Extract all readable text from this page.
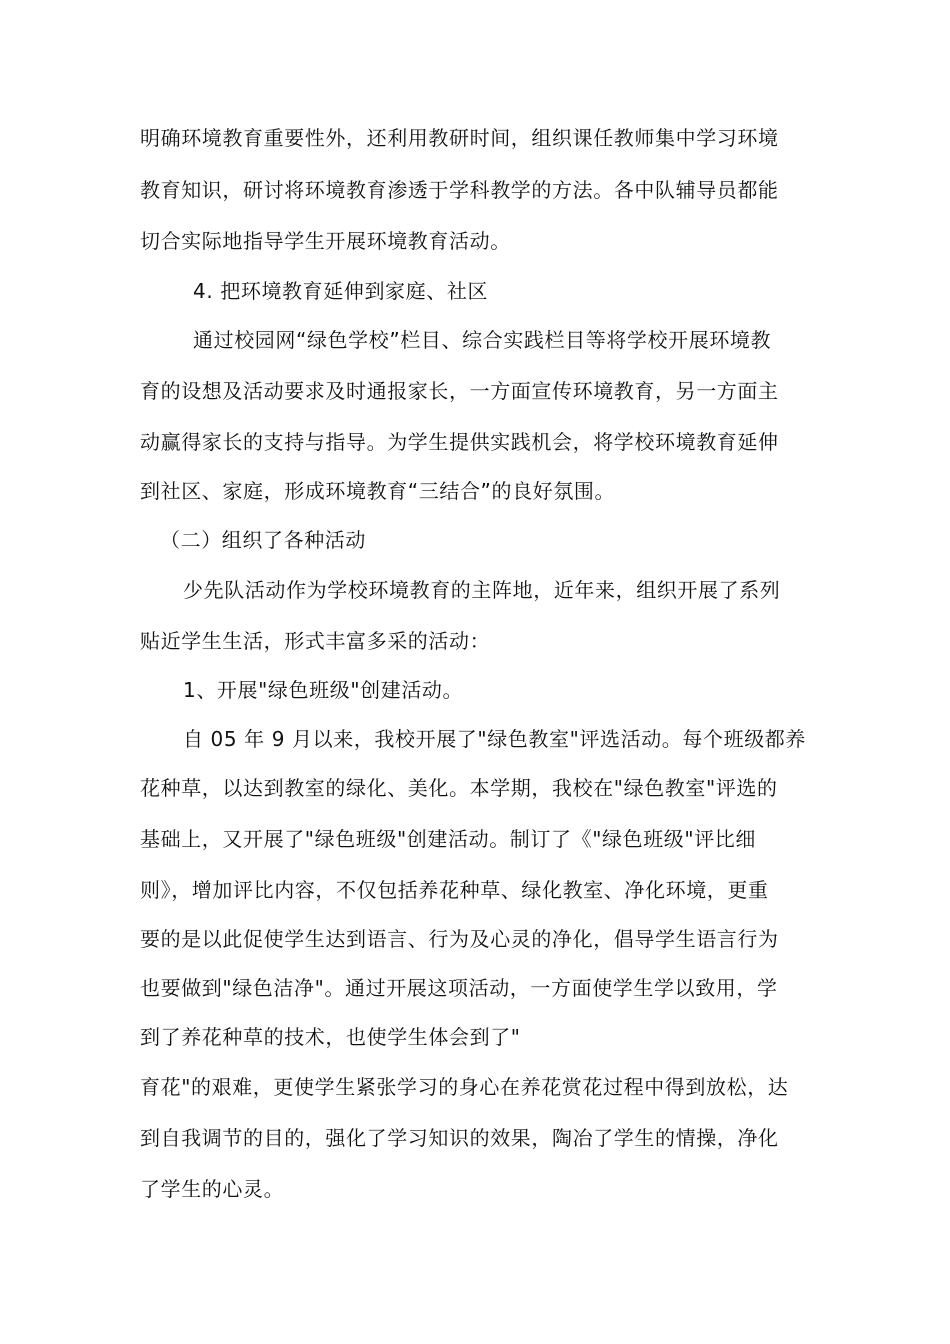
明确环境教育重要性外，还利用教研时间，组织课任教师集中学习环境
教育知识，研讨将环境教育渗透于学科教学的方法。各中队辅导员都能
切合实际地指导学生开展环境教育活动。
4. 把环境教育延伸到家庭、社区
通过校园网“绿色学校”栏目、综合实践栏目等将学校开展环境教
育的设想及活动要求及时通报家长，一方面宣传环境教育，另一方面主
动赢得家长的支持与指导。为学生提供实践机会，将学校环境教育延伸
到社区、家庭，形成环境教育“三结合”的良好氛围。
（二）组织了各种活动
少先队活动作为学校环境教育的主阵地，近年来，组织开展了系列
贴近学生生活，形式丰富多采的活动：
1、开展"绿色班级"创建活动。
自 05 年 9 月以来，我校开展了"绿色教室"评选活动。每个班级都养
花种草，以达到教室的绿化、美化。本学期，我校在"绿色教室"评选的
基础上，又开展了"绿色班级"创建活动。制订了《"绿色班级"评比细
则》，增加评比内容，不仅包括养花种草、绿化教室、净化环境，更重
要的是以此促使学生达到语言、行为及心灵的净化，倡导学生语言行为
也要做到"绿色洁净"。通过开展这项活动，一方面使学生学以致用，学
到了养花种草的技术，也使学生体会到了"
育花"的艰难，更使学生紧张学习的身心在养花赏花过程中得到放松，达
到自我调节的目的，强化了学习知识的效果，陶冶了学生的情操，净化
了学生的心灵。
